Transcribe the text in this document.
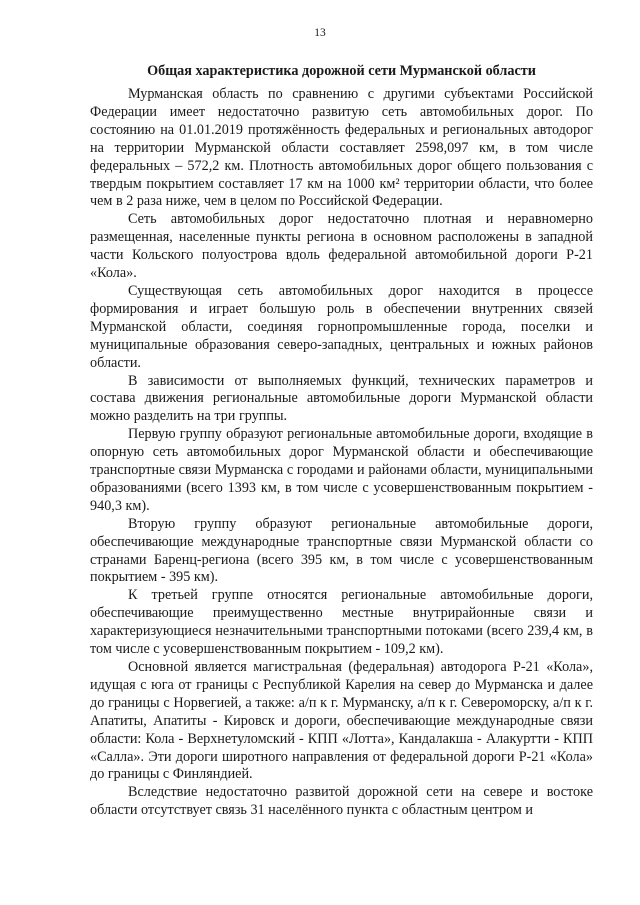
13
Общая характеристика дорожной сети Мурманской области

Мурманская область по сравнению с другими субъектами Российской Федерации имеет недостаточно развитую сеть автомобильных дорог. По состоянию на 01.01.2019 протяжённость федеральных и региональных автодорог на территории Мурманской области составляет 2598,097 км, в том числе федеральных – 572,2 км. Плотность автомобильных дорог общего пользования с твердым покрытием составляет 17 км на 1000 км² территории области, что более чем в 2 раза ниже, чем в целом по Российской Федерации.

Сеть автомобильных дорог недостаточно плотная и неравномерно размещенная, населенные пункты региона в основном расположены в западной части Кольского полуострова вдоль федеральной автомобильной дороги Р-21 «Кола».

Существующая сеть автомобильных дорог находится в процессе формирования и играет большую роль в обеспечении внутренних связей Мурманской области, соединяя горнопромышленные города, поселки и муниципальные образования северо-западных, центральных и южных районов области.

В зависимости от выполняемых функций, технических параметров и состава движения региональные автомобильные дороги Мурманской области можно разделить на три группы.

Первую группу образуют региональные автомобильные дороги, входящие в опорную сеть автомобильных дорог Мурманской области и обеспечивающие транспортные связи Мурманска с городами и районами области, муниципальными образованиями (всего 1393 км, в том числе с усовершенствованным покрытием - 940,3 км).

Вторую группу образуют региональные автомобильные дороги, обеспечивающие международные транспортные связи Мурманской области со странами Баренц-региона (всего 395 км, в том числе с усовершенствованным покрытием - 395 км).

К третьей группе относятся региональные автомобильные дороги, обеспечивающие преимущественно местные внутрирайонные связи и характеризующиеся незначительными транспортными потоками (всего 239,4 км, в том числе с усовершенствованным покрытием - 109,2 км).

Основной является магистральная (федеральная) автодорога Р-21 «Кола», идущая с юга от границы с Республикой Карелия на север до Мурманска и далее до границы с Норвегией, а также: а/п к г. Мурманску, а/п к г. Североморску, а/п к г. Апатиты, Апатиты - Кировск и дороги, обеспечивающие международные связи области: Кола - Верхнетуломский - КПП «Лотта», Кандалакша - Алакуртти - КПП «Салла». Эти дороги широтного направления от федеральной дороги Р-21 «Кола» до границы с Финляндией.

Вследствие недостаточно развитой дорожной сети на севере и востоке области отсутствует связь 31 населённого пункта с областным центром и
